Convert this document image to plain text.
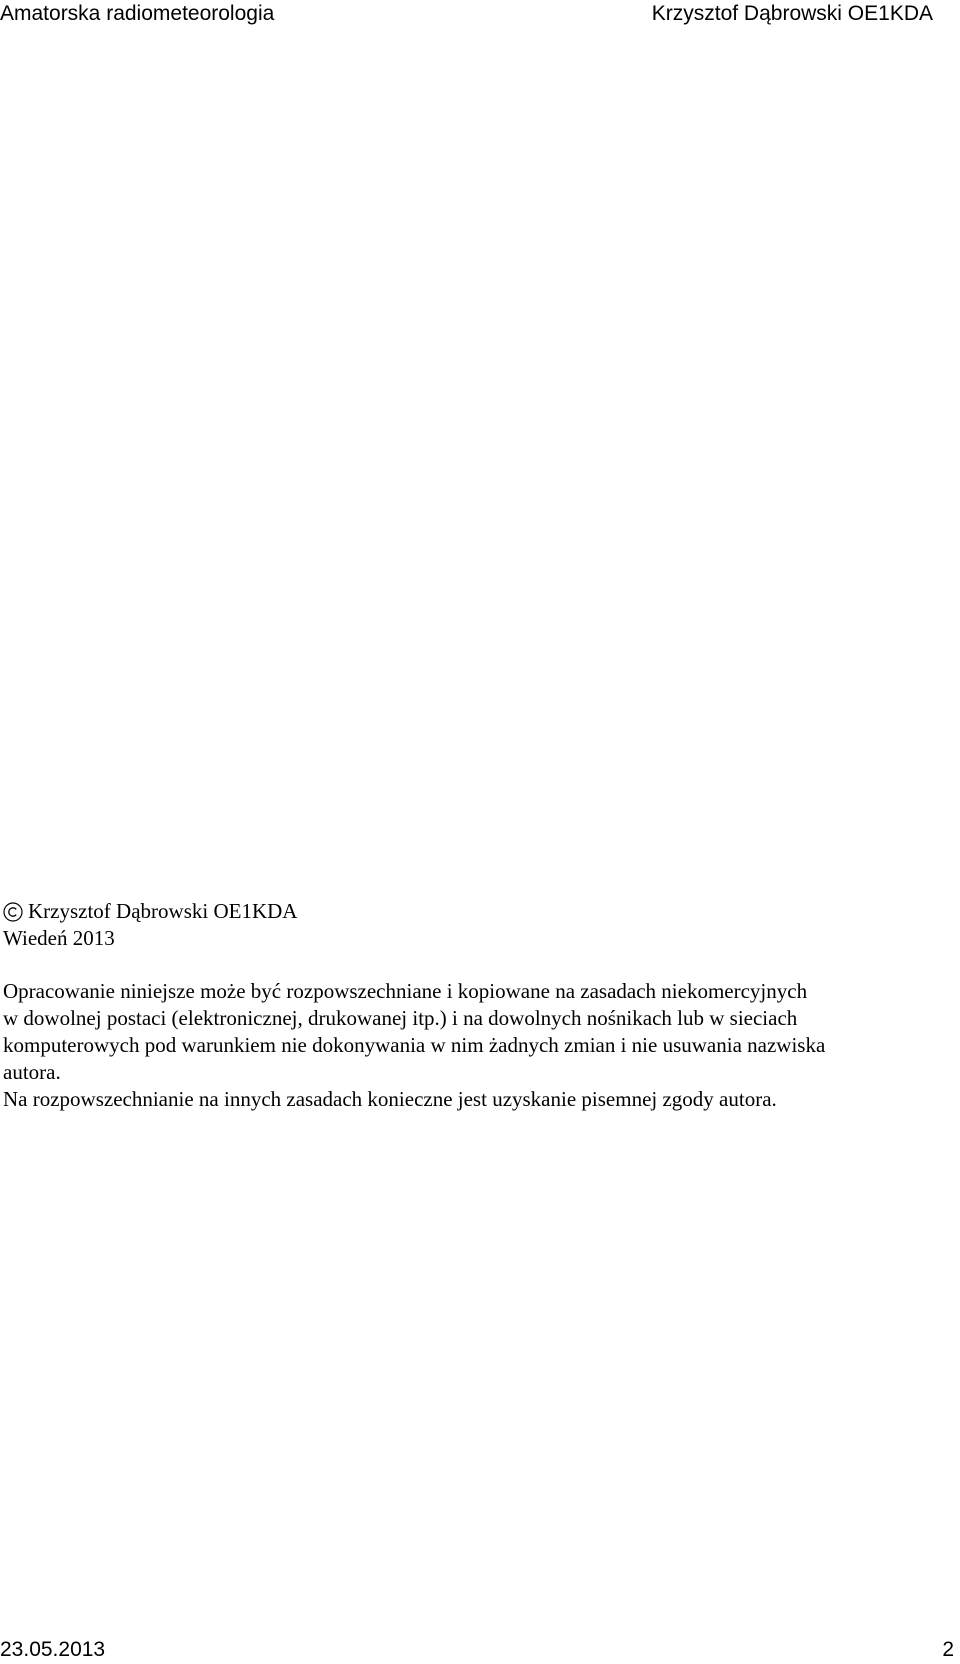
Amatorska radiometeorologia	Krzysztof Dąbrowski OE1KDA
Krzysztof Dąbrowski OE1KDA
Wiedeń 2013

Opracowanie niniejsze może być rozpowszechniane i kopiowane na zasadach niekomercyjnych

w dowolnej postaci (elektronicznej, drukowanej itp.) i na dowolnych nośnikach lub w sieciach

komputerowych pod warunkiem nie dokonywania w nim żadnych zmian i nie usuwania nazwiska

autora.

Na rozpowszechnianie na innych zasadach konieczne jest uzyskanie pisemnej zgody autora.

23.05.2013	2
